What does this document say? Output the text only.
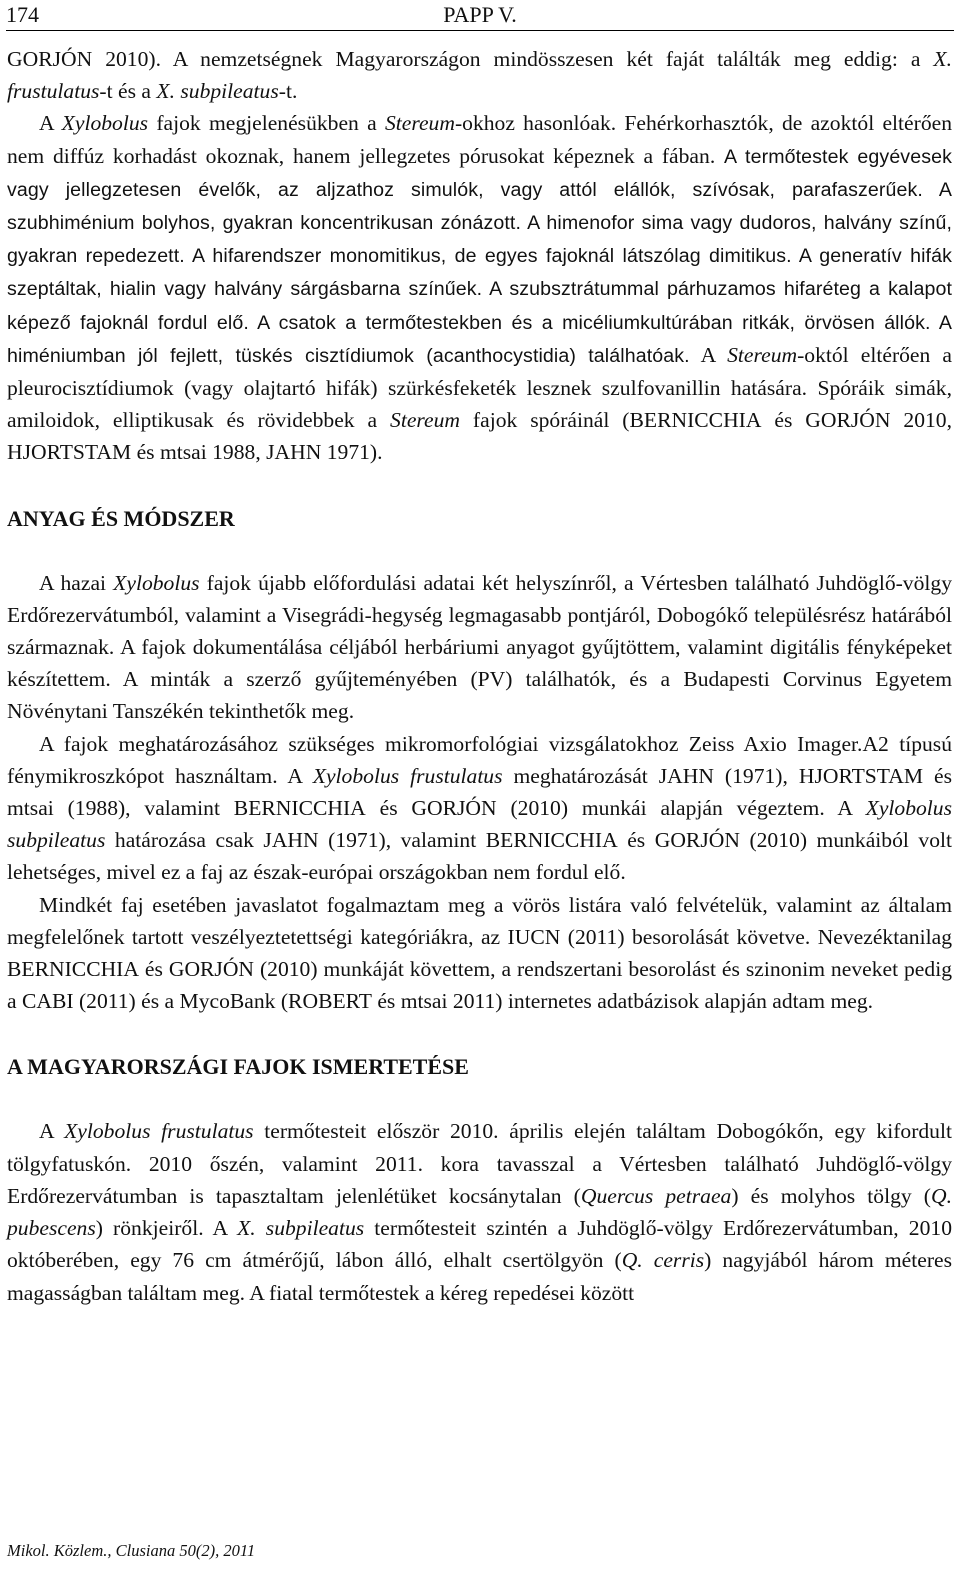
174	PAPP V.

GORJÓN 2010). A nemzetségnek Magyarországon mindösszesen két faját találták meg eddig: a X. frustulatus-t és a X. subpileatus-t.

A Xylobolus fajok megjelenésükben a Stereum-okhoz hasonlóak. Fehérkorhasztók, de azoktól eltérően nem diffúz korhadást okoznak, hanem jellegzetes pórusokat képeznek a fában. A termőtestek egyévesek vagy jellegzetesen évelők, az aljzathoz simulók, vagy attól elállók, szívósak, parafaszerűek. A szubhiménium bolyhos, gyakran koncentrikusan zónázott. A himenofor sima vagy dudoros, halvány színű, gyakran repedezett. A hifarendszer monomitikus, de egyes fajoknál látszólag dimitikus. A generatív hifák szeptáltak, hialin vagy halvány sárgásbarna színűek. A szubsztrátummal párhuzamos hifaréteg a kalapot képező fajoknál fordul elő. A csatok a termőtestekben és a micéliumkultúrában ritkák, örvösen állók. A himéniumban jól fejlett, tüskés cisztídiumok (acanthocystidia) találhatóak. A Stereum-októl eltérően a pleurocisztídiumok (vagy olajtartó hifák) szürkésfeketék lesznek szulfovanillin hatására. Spóráik simák, amiloidok, elliptikusak és rövidebbek a Stereum fajok spóráinál (BERNICCHIA és GORJÓN 2010, HJORTSTAM és mtsai 1988, JAHN 1971).

ANYAG ÉS MÓDSZER

A hazai Xylobolus fajok újabb előfordulási adatai két helyszínről, a Vértesben található Juhdöglő-völgy Erdőrezervátumból, valamint a Visegrádi-hegység legmagasabb pontjáról, Dobogókő településrész határából származnak. A fajok dokumentálása céljából herbáriumi anyagot gyűjtöttem, valamint digitális fényképeket készítettem. A minták a szerző gyűjteményében (PV) találhatók, és a Budapesti Corvinus Egyetem Növénytani Tanszékén tekinthetők meg.

A fajok meghatározásához szükséges mikromorfológiai vizsgálatokhoz Zeiss Axio Imager.A2 típusú fénymikroszkópot használtam. A Xylobolus frustulatus meghatározását JAHN (1971), HJORTSTAM és mtsai (1988), valamint BERNICCHIA és GORJÓN (2010) munkái alapján végeztem. A Xylobolus subpileatus határozása csak JAHN (1971), valamint BERNICCHIA és GORJÓN (2010) munkáiból volt lehetséges, mivel ez a faj az észak-európai országokban nem fordul elő.

Mindkét faj esetében javaslatot fogalmaztam meg a vörös listára való felvételük, valamint az általam megfelelőnek tartott veszélyeztetettségi kategóriákra, az IUCN (2011) besorolását követve. Nevezéktanilag BERNICCHIA és GORJÓN (2010) munkáját követtem, a rendszertani besorolást és szinonim neveket pedig a CABI (2011) és a MycoBank (ROBERT és mtsai 2011) internetes adatbázisok alapján adtam meg.

A MAGYARORSZÁGI FAJOK ISMERTETÉSE

A Xylobolus frustulatus termőtesteit először 2010. április elején találtam Dobogókőn, egy kifordult tölgyfatuskón. 2010 őszén, valamint 2011. kora tavasszal a Vértesben található Juhdöglő-völgy Erdőrezervátumban is tapasztaltam jelenlétüket kocsánytalan (Quercus petraea) és molyhos tölgy (Q. pubescens) rönkjeiről. A X. subpileatus termőtesteit szintén a Juhdöglő-völgy Erdőrezervátumban, 2010 októberében, egy 76 cm átmérőjű, lábon álló, elhalt csertölgyön (Q. cerris) nagyjából három méteres magasságban találtam meg. A fiatal termőtestek a kéreg repedései között

Mikol. Közlem., Clusiana 50(2), 2011
